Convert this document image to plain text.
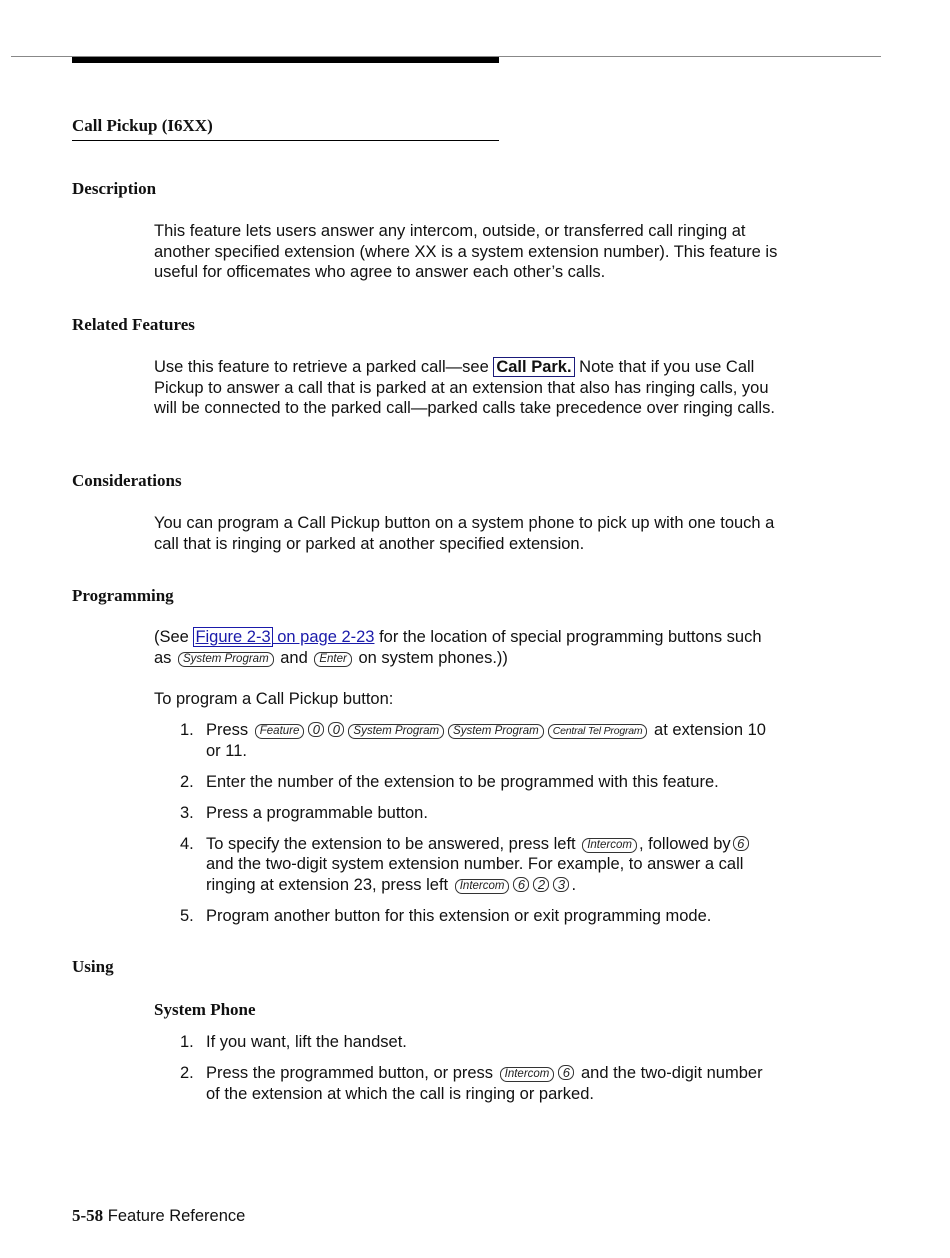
Call Pickup (I6XX)
Description
This feature lets users answer any intercom, outside, or transferred call ringing at another specified extension (where XX is a system extension number). This feature is useful for officemates who agree to answer each other’s calls.
Related Features
Use this feature to retrieve a parked call—see Call Park. Note that if you use Call Pickup to answer a call that is parked at an extension that also has ringing calls, you will be connected to the parked call—parked calls take precedence over ringing calls.
Considerations
You can program a Call Pickup button on a system phone to pick up with one touch a call that is ringing or parked at another specified extension.
Programming
(See Figure 2-3 on page 2-23 for the location of special programming buttons such as System Program and Enter on system phones.))
To program a Call Pickup button:
1. Press Feature 0 0 System Program System Program Central Tel Program at extension 10 or 11.
2. Enter the number of the extension to be programmed with this feature.
3. Press a programmable button.
4. To specify the extension to be answered, press left Intercom , followed by 6 and the two-digit system extension number. For example, to answer a call ringing at extension 23, press left Intercom 6 2 3 .
5. Program another button for this extension or exit programming mode.
Using
System Phone
1. If you want, lift the handset.
2. Press the programmed button, or press Intercom 6 and the two-digit number of the extension at which the call is ringing or parked.
5-58 Feature Reference
